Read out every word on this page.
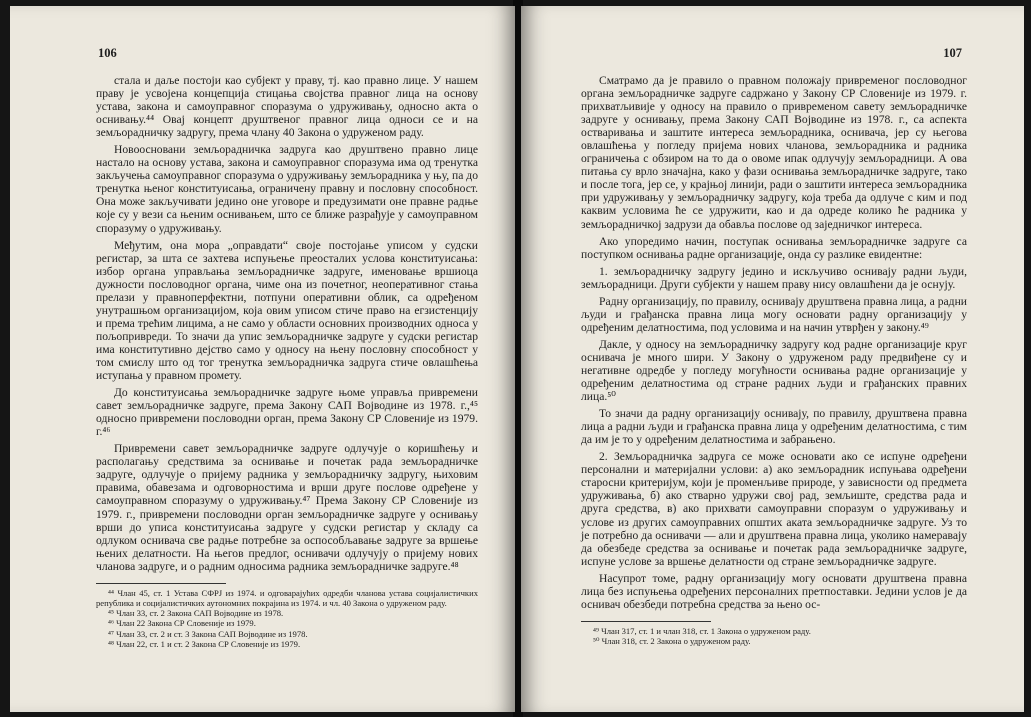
106

стала и даље постоји као субјект у праву, тј. као правно лице. У нашем праву је усвојена концепција стицања својства правног лица на основу устава, закона и самоуправног споразума о удруживању, односно акта о оснивању.⁴⁴ Овај концепт друштвеног правног лица односи се и на земљорадничку задругу, према члану 40 Закона о удруженом раду.

Новоосновани земљорадничка задруга као друштвено правно лице настало на основу устава, закона и самоуправног споразума има од тренутка закључења самоуправног споразума о удруживању земљорадника у њу, па до тренутка њеног конституисања, ограничену правну и пословну способност. Она може закључивати једино оне уговоре и предузимати оне правне радње које су у вези са њеним оснивањем, што се ближе разрађује у самоуправном споразуму о удруживању.

Међутим, она мора „оправдати“ своје постојање уписом у судски регистар, за шта се захтева испуњење преосталих услова конституисања: избор органа управљања земљорадничке задруге, именовање вршиоца дужности пословодног органа, чиме она из почетног, неоперативног стања прелази у правноперфектни, потпуни оперативни облик, са одређеном унутрашњом организацијом, која овим уписом стиче право на егзистенцију и према трећим лицима, а не само у области основних производних односа у пољопривреди. То значи да упис земљорадничке задруге у судски регистар има конститутивно дејство само у односу на њену пословну способност у том смислу што од тог тренутка земљорадничка задруга стиче овлашћења иступања у правном промету.

До конституисања земљорадничке задруге њоме управља привремени савет земљорадничке задруге, према Закону САП Војводине из 1978. г.,⁴⁵ односно привремени пословодни орган, према Закону СР Словеније из 1979. г.⁴⁶

Привремени савет земљорадничке задруге одлучује о коришћењу и располагању средствима за оснивање и почетак рада земљорадничке задруге, одлучује о пријему радника у земљорадничку задругу, њиховим правима, обавезама и одговорностима и врши друге послове одређене у самоуправном споразуму о удруживању.⁴⁷ Према Закону СР Словеније из 1979. г., привремени пословодни орган земљорадничке задруге у оснивању врши до уписа конституисања задруге у судски регистар у складу са одлуком оснивача све радње потребне за оспособљавање задруге за вршење њених делатности. На његов предлог, оснивачи одлучују о пријему нових чланова задруге, и о радним односима радника земљорадничке задруге.⁴⁸

⁴⁴ Члан 45, ст. 1 Устава СФРЈ из 1974. и одговарајућих одредби чланова устава социјалистичких република и социјалистичких аутономних покрајина из 1974. и чл. 40 Закона о удруженом раду.
⁴⁵ Члан 33, ст. 2 Закона САП Војводине из 1978.
⁴⁶ Члан 22 Закона СР Словеније из 1979.
⁴⁷ Члан 33, ст. 2 и ст. 3 Закона САП Војводине из 1978.
⁴⁸ Члан 22, ст. 1 и ст. 2 Закона СР Словеније из 1979.
107

Сматрамо да је правило о правном положају привременог пословодног органа земљорадничке задруге садржано у Закону СР Словеније из 1979. г. прихватљивије у односу на правило о привременом савету земљорадничке задруге у оснивању, према Закону САП Војводине из 1978. г., са аспекта остваривања и заштите интереса земљорадника, оснивача, јер су његова овлашћења у погледу пријема нових чланова, земљорадника и радника ограничења с обзиром на то да о овоме ипак одлучују земљорадници. А ова питања су врло значајна, како у фази оснивања земљорадничке задруге, тако и после тога, јер се, у крајњој линији, ради о заштити интереса земљорадника при удруживању у земљорадничку задругу, која треба да одлуче с ким и под каквим условима ће се удружити, као и да одреде колико ће радника у земљорадничкој задрузи да обавља послове од заједничког интереса.

Ако упоредимо начин, поступак оснивања земљорадничке задруге са поступком оснивања радне организације, онда су разлике евидентне:

1. земљорадничку задругу једино и искључиво оснивају радни људи, земљорадници. Други субјекти у нашем праву нису овлашћени да је оснују.

Радну организацију, по правилу, оснивају друштвена правна лица, а радни људи и грађанска правна лица могу основати радну организацију у одређеним делатностима, под условима и на начин утврђен у закону.⁴⁹

Дакле, у односу на земљорадничку задругу код радне организације круг оснивача је много шири. У Закону о удруженом раду предвиђене су и негативне одредбе у погледу могућности оснивања радне организације у одређеним делатностима од стране радних људи и грађанских правних лица.⁵⁰

То значи да радну организацију оснивају, по правилу, друштвена правна лица а радни људи и грађанска правна лица у одређеним делатностима, с тим да им је то у одређеним делатностима и забрањено.

2. Земљорадничка задруга се може основати ако се испуне одређени персонални и материјални услови: а) ако земљорадник испуњава одређени старосни критеријум, који је променљиве природе, у зависности од предмета удруживања, б) ако стварно удружи свој рад, земљиште, средства рада и друга средства, в) ако прихвати самоуправни споразум о удруживању и услове из других самоуправних општих аката земљорадничке задруге. Уз то је потребно да оснивачи — али и друштвена правна лица, уколико намеравају да обезбеде средства за оснивање и почетак рада земљорадничке задруге, испуне услове за вршење делатности од стране земљорадничке задруге.

Насупрот томе, радну организацију могу основати друштвена правна лица без испуњења одређених персоналних претпоставки. Једини услов је да оснивач обезбеди потребна средства за њено ос-

⁴⁹ Члан 317, ст. 1 и члан 318, ст. 1 Закона о удруженом раду.
⁵⁰ Члан 318, ст. 2 Закона о удруженом раду.
